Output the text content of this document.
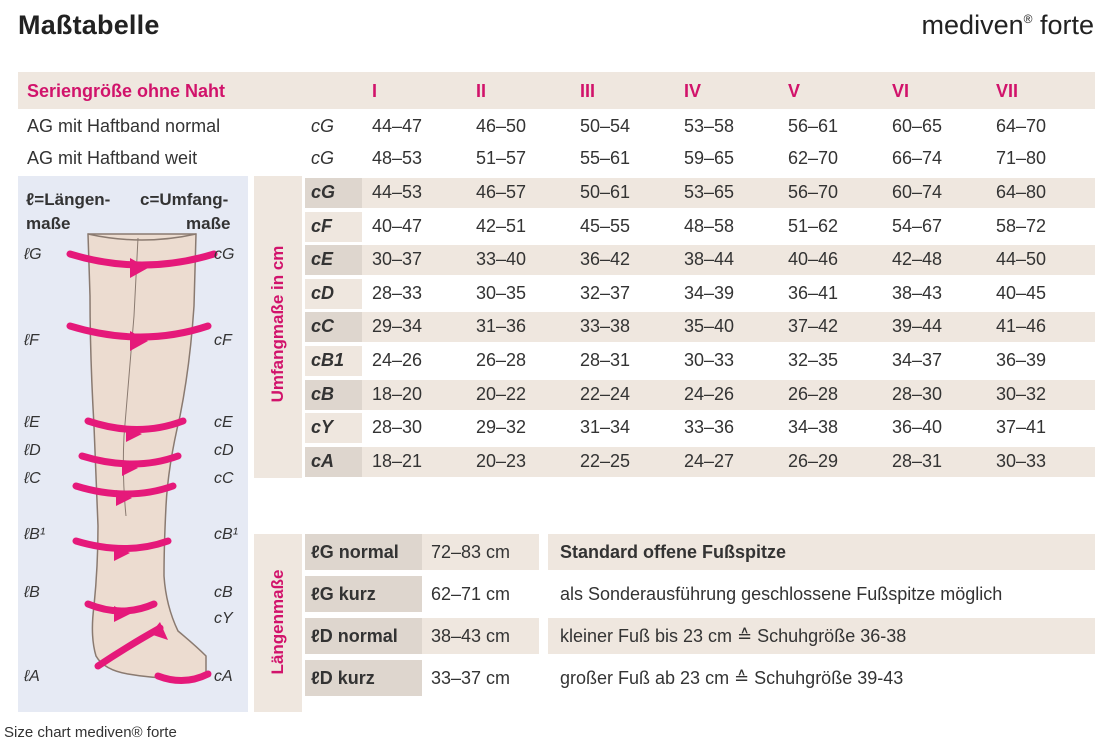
Maßtabelle	mediven® forte
Seriengröße ohne Naht	I	II	III	IV	V	VI	VII
AG mit Haftband normal	cG 44–47	46–50	50–54	53–58	56–61	60–65	64–70
AG mit Haftband weit	cG 48–53	51–57	55–61	59–65	62–70	66–74	71–80
ℓ=Längen-
maße
c=Umfang-
maße
ℓG
ℓF
ℓE
ℓD
ℓC
ℓB¹
ℓB
ℓA
cG
cF
cE
cD
cC
cB¹
cB
cY
cA
Umfangmaße in cm
cG 44–53	46–57	50–61	53–65	56–70	60–74	64–80
cF 40–47	42–51	45–55	48–58	51–62	54–67	58–72
cE 30–37	33–40	36–42	38–44	40–46	42–48	44–50
cD 28–33	30–35	32–37	34–39	36–41	38–43	40–45
cC 29–34	31–36	33–38	35–40	37–42	39–44	41–46
cB1 24–26	26–28	28–31	30–33	32–35	34–37	36–39
cB 18–20	20–22	22–24	24–26	26–28	28–30	30–32
cY 28–30	29–32	31–34	33–36	34–38	36–40	37–41
cA 18–21	20–23	22–25	24–27	26–29	28–31	30–33
Längenmaße
ℓG normal 72–83 cm	Standard offene Fußspitze
ℓG kurz	62–71 cm	als Sonderausführung geschlossene Fußspitze möglich
ℓD normal 38–43 cm	kleiner Fuß bis 23 cm ≙ Schuhgröße 36-38
ℓD kurz	33–37 cm	großer Fuß ab 23 cm ≙ Schuhgröße 39-43
Size chart mediven® forte
